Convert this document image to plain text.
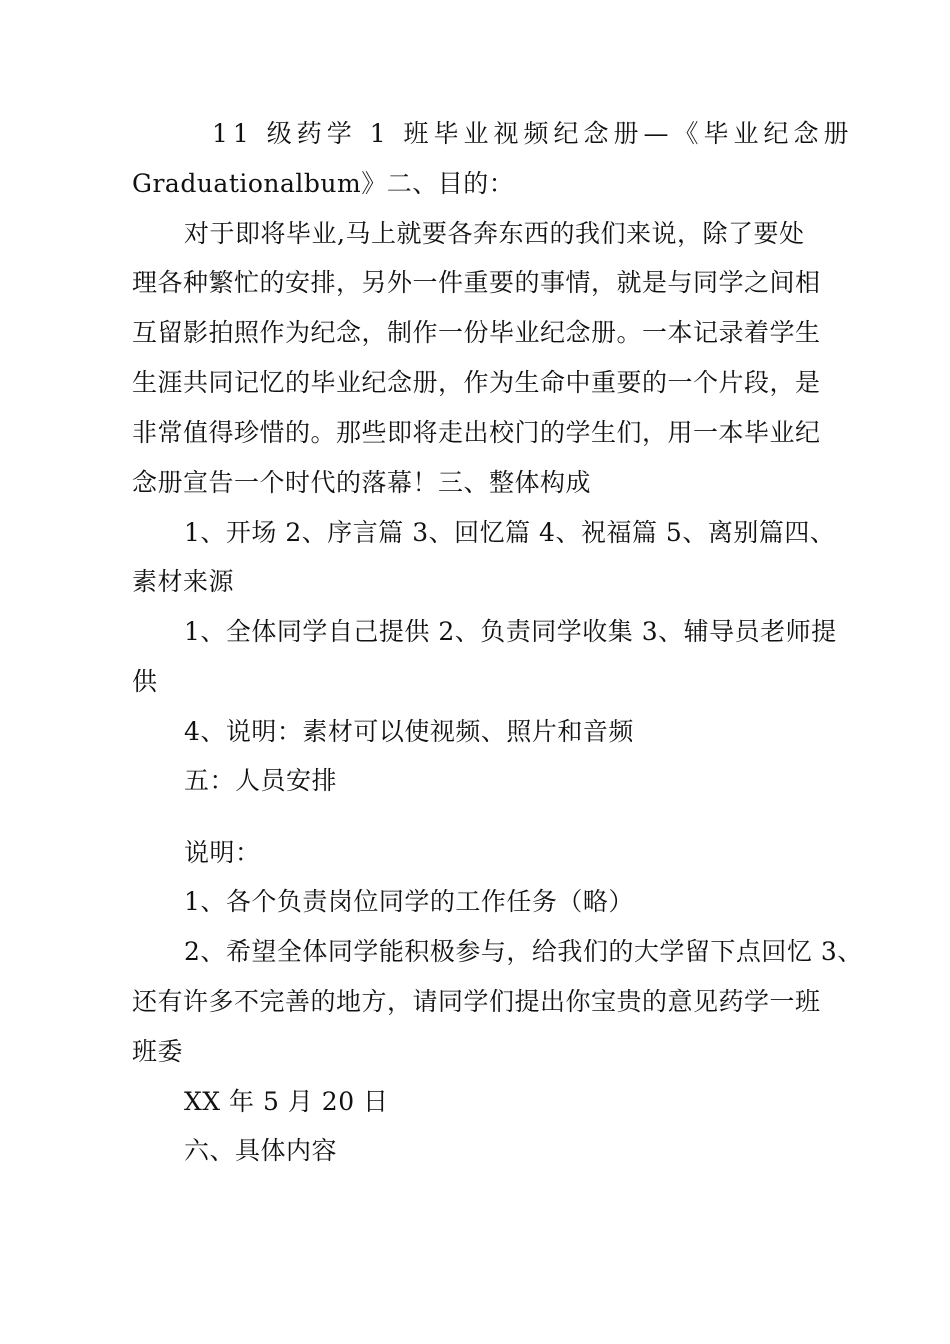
11 级药学 1 班毕业视频纪念册—《毕业纪念册
Graduationalbum》二、目的：
对于即将毕业,马上就要各奔东西的我们来说，除了要处
理各种繁忙的安排，另外一件重要的事情，就是与同学之间相
互留影拍照作为纪念，制作一份毕业纪念册。一本记录着学生
生涯共同记忆的毕业纪念册，作为生命中重要的一个片段，是
非常值得珍惜的。那些即将走出校门的学生们，用一本毕业纪
念册宣告一个时代的落幕！三、整体构成
1、开场 2、序言篇 3、回忆篇 4、祝福篇 5、离别篇四、
素材来源
1、全体同学自己提供 2、负责同学收集 3、辅导员老师提
供
4、说明：素材可以使视频、照片和音频
五：人员安排
说明：
1、各个负责岗位同学的工作任务（略）
2、希望全体同学能积极参与，给我们的大学留下点回忆 3、
还有许多不完善的地方，请同学们提出你宝贵的意见药学一班
班委
XX 年 5 月 20 日
六、具体内容
